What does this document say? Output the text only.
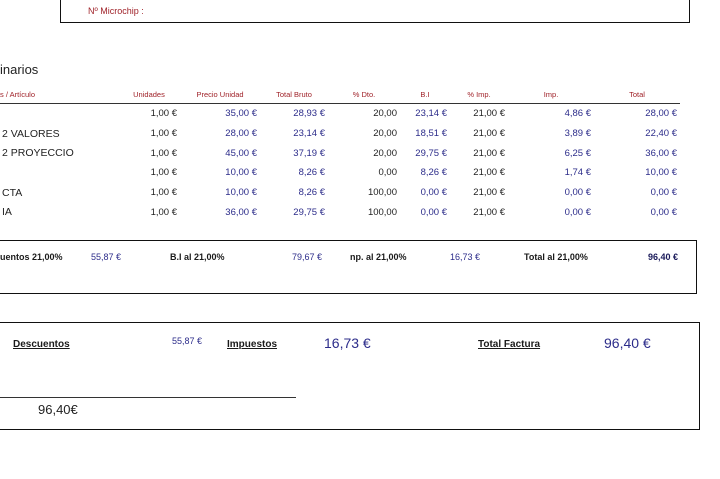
Nº Microchip :
inarios
s / Artículo	Unidades	Precio Unidad	Total Bruto	% Dto.	B.I	% Imp.	Imp.	Total
	1,00 €	35,00 €	28,93 €	20,00	23,14 €	21,00 €	4,86 €	28,00 €
2 VALORES	1,00 €	28,00 €	23,14 €	20,00	18,51 €	21,00 €	3,89 €	22,40 €
2 PROYECCIO	1,00 €	45,00 €	37,19 €	20,00	29,75 €	21,00 €	6,25 €	36,00 €
	1,00 €	10,00 €	8,26 €	0,00	8,26 €	21,00 €	1,74 €	10,00 €
CTA	1,00 €	10,00 €	8,26 €	100,00	0,00 €	21,00 €	0,00 €	0,00 €
IA	1,00 €	36,00 €	29,75 €	100,00	0,00 €	21,00 €	0,00 €	0,00 €
uentos 21,00%	55,87 €	B.I al 21,00%	79,67 €	np. al 21,00%	16,73 €	Total al 21,00%	96,40 €
Descuentos	55,87 € Impuestos	16,73 €	Total Factura	96,40 €
96,40€
